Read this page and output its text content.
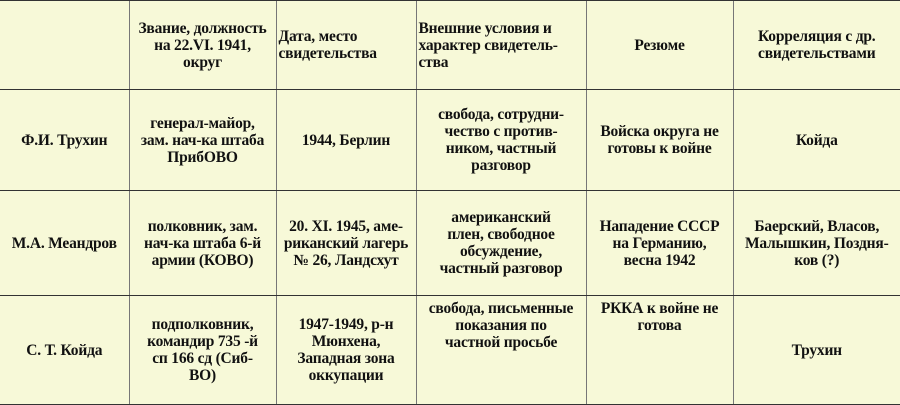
	Звание, должность
на 22.VI. 1941,
округ	Дата, место
свидетельства	Внешние условия и
характер свидетель-
ства	Резюме	Корреляция с др.
свидетельствами
Ф.И. Трухин	генерал-майор,
зам. нач-ка штаба
ПрибОВО	1944, Берлин	свобода, сотрудни-
чество с против-
ником, частный
разговор	Войска округа не
готовы к войне	Койда
М.А. Меандров	полковник, зам.
нач-ка штаба 6-й
армии (КОВО)	20. XI. 1945, аме-
риканский лагерь
№ 26, Ландсхут	американский
плен, свободное
обсуждение,
частный разговор	Нападение СССР
на Германию,
весна 1942	Баерский, Власов,
Малышкин, Поздня-
ков (?)
С. Т. Койда	подполковник,
командир 735 -й
сп 166 сд (Сиб-
ВО)	1947-1949, р-н
Мюнхена,
Западная зона
оккупации	свобода, письменные
показания по
частной просьбе	РККА к войне не
готова	Трухин
